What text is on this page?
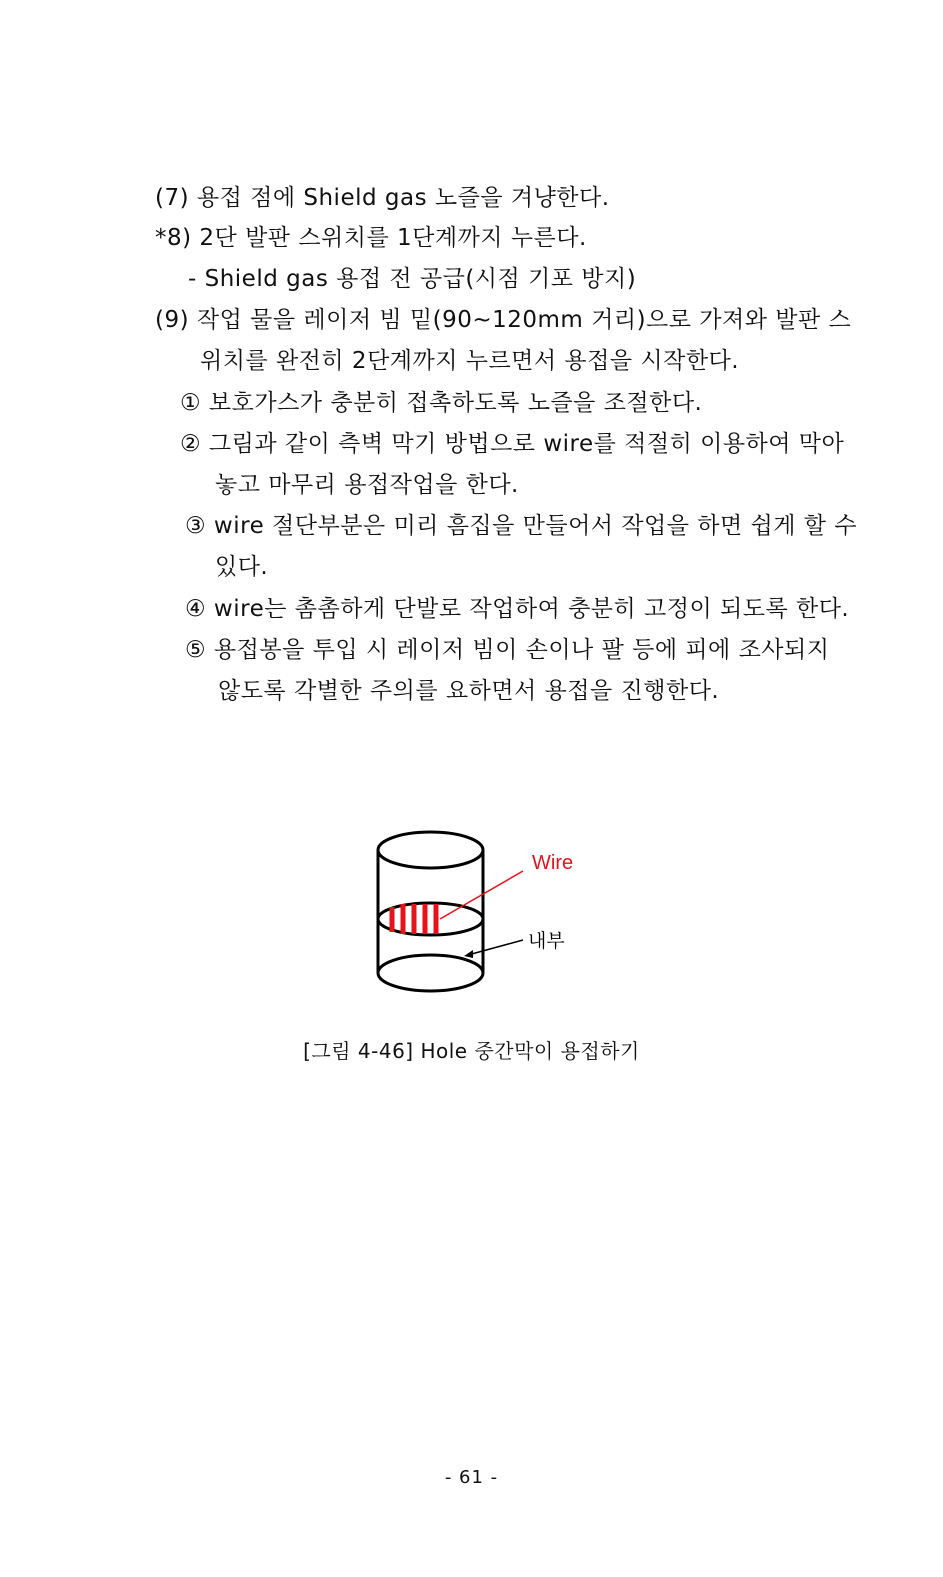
(7) 용접 점에 Shield gas 노즐을 겨냥한다.
*8) 2단 발판 스위치를 1단계까지 누른다.
- Shield gas 용접 전 공급(시점 기포 방지)
(9) 작업 물을 레이저 빔 밑(90~120mm 거리)으로 가져와 발판 스
위치를 완전히 2단계까지 누르면서 용접을 시작한다.
① 보호가스가 충분히 접촉하도록 노즐을 조절한다.
② 그림과 같이 측벽 막기 방법으로 wire를 적절히 이용하여 막아
놓고 마무리 용접작업을 한다.
③ wire 절단부분은 미리 흠집을 만들어서 작업을 하면 쉽게 할 수
있다.
④ wire는 촘촘하게 단발로 작업하여 충분히 고정이 되도록 한다.
⑤ 용접봉을 투입 시 레이저 빔이 손이나 팔 등에 피에 조사되지
않도록 각별한 주의를 요하면서 용접을 진행한다.
Wire
내부
[그림 4-46] Hole 중간막이 용접하기
- 61 -
